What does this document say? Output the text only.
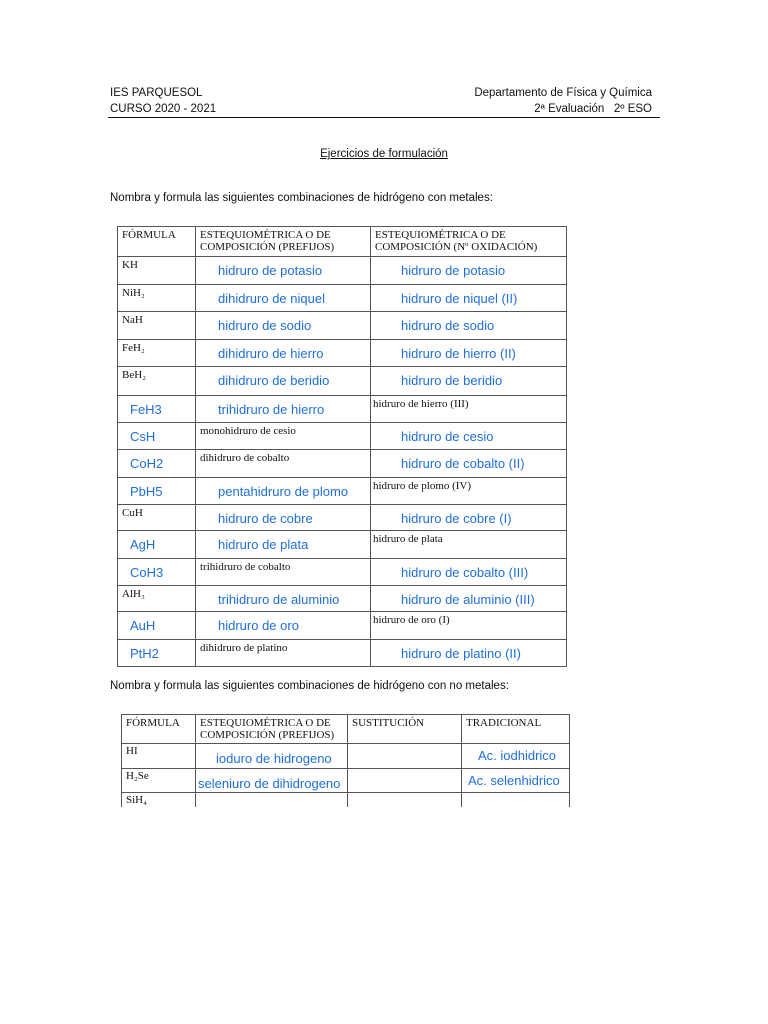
IES PARQUESOL
CURSO 2020 - 2021
Departamento de Física y Química
2ª Evaluación   2º ESO
Ejercicios de formulación
Nombra y formula las siguientes combinaciones de hidrógeno con metales:
FÓRMULA	ESTEQUIOMÉTRICA O DE COMPOSICIÓN (PREFIJOS)	ESTEQUIOMÉTRICA O DE COMPOSICIÓN (Nº OXIDACIÓN)

KH	hidruro de potasio	hidruro de potasio

NiH₂	dihidruro de niquel	hidruro de niquel (II)

NaH	hidruro de sodio	hidruro de sodio

FeH₂	dihidruro de hierro	hidruro de hierro (II)

BeH₂	dihidruro de beridio	hidruro de beridio

FeH3	trihidruro de hierro	hidruro de hierro (III)

CsH	monohidruro de cesio	hidruro de cesio

CoH2	dihidruro de cobalto	hidruro de cobalto (II)

PbH5	pentahidruro de plomo	hidruro de plomo (IV)

CuH	hidruro de cobre	hidruro de cobre (I)

AgH	hidruro de plata	hidruro de plata

CoH3	trihidruro de cobalto	hidruro de cobalto (III)

AlH₃	trihidruro de aluminio	hidruro de aluminio (III)

AuH	hidruro de oro	hidruro de oro (I)

PtH2	dihidruro de platino	hidruro de platino (II)
Nombra y formula las siguientes combinaciones de hidrógeno con no metales:
FÓRMULA	ESTEQUIOMÉTRICA O DE COMPOSICIÓN (PREFIJOS)	SUSTITUCIÓN	TRADICIONAL

HI	ioduro de hidrogeno		Ac. iodhidrico

H₂Se	seleniuro de dihidrogeno		Ac. selenhidrico

SiH₄			
